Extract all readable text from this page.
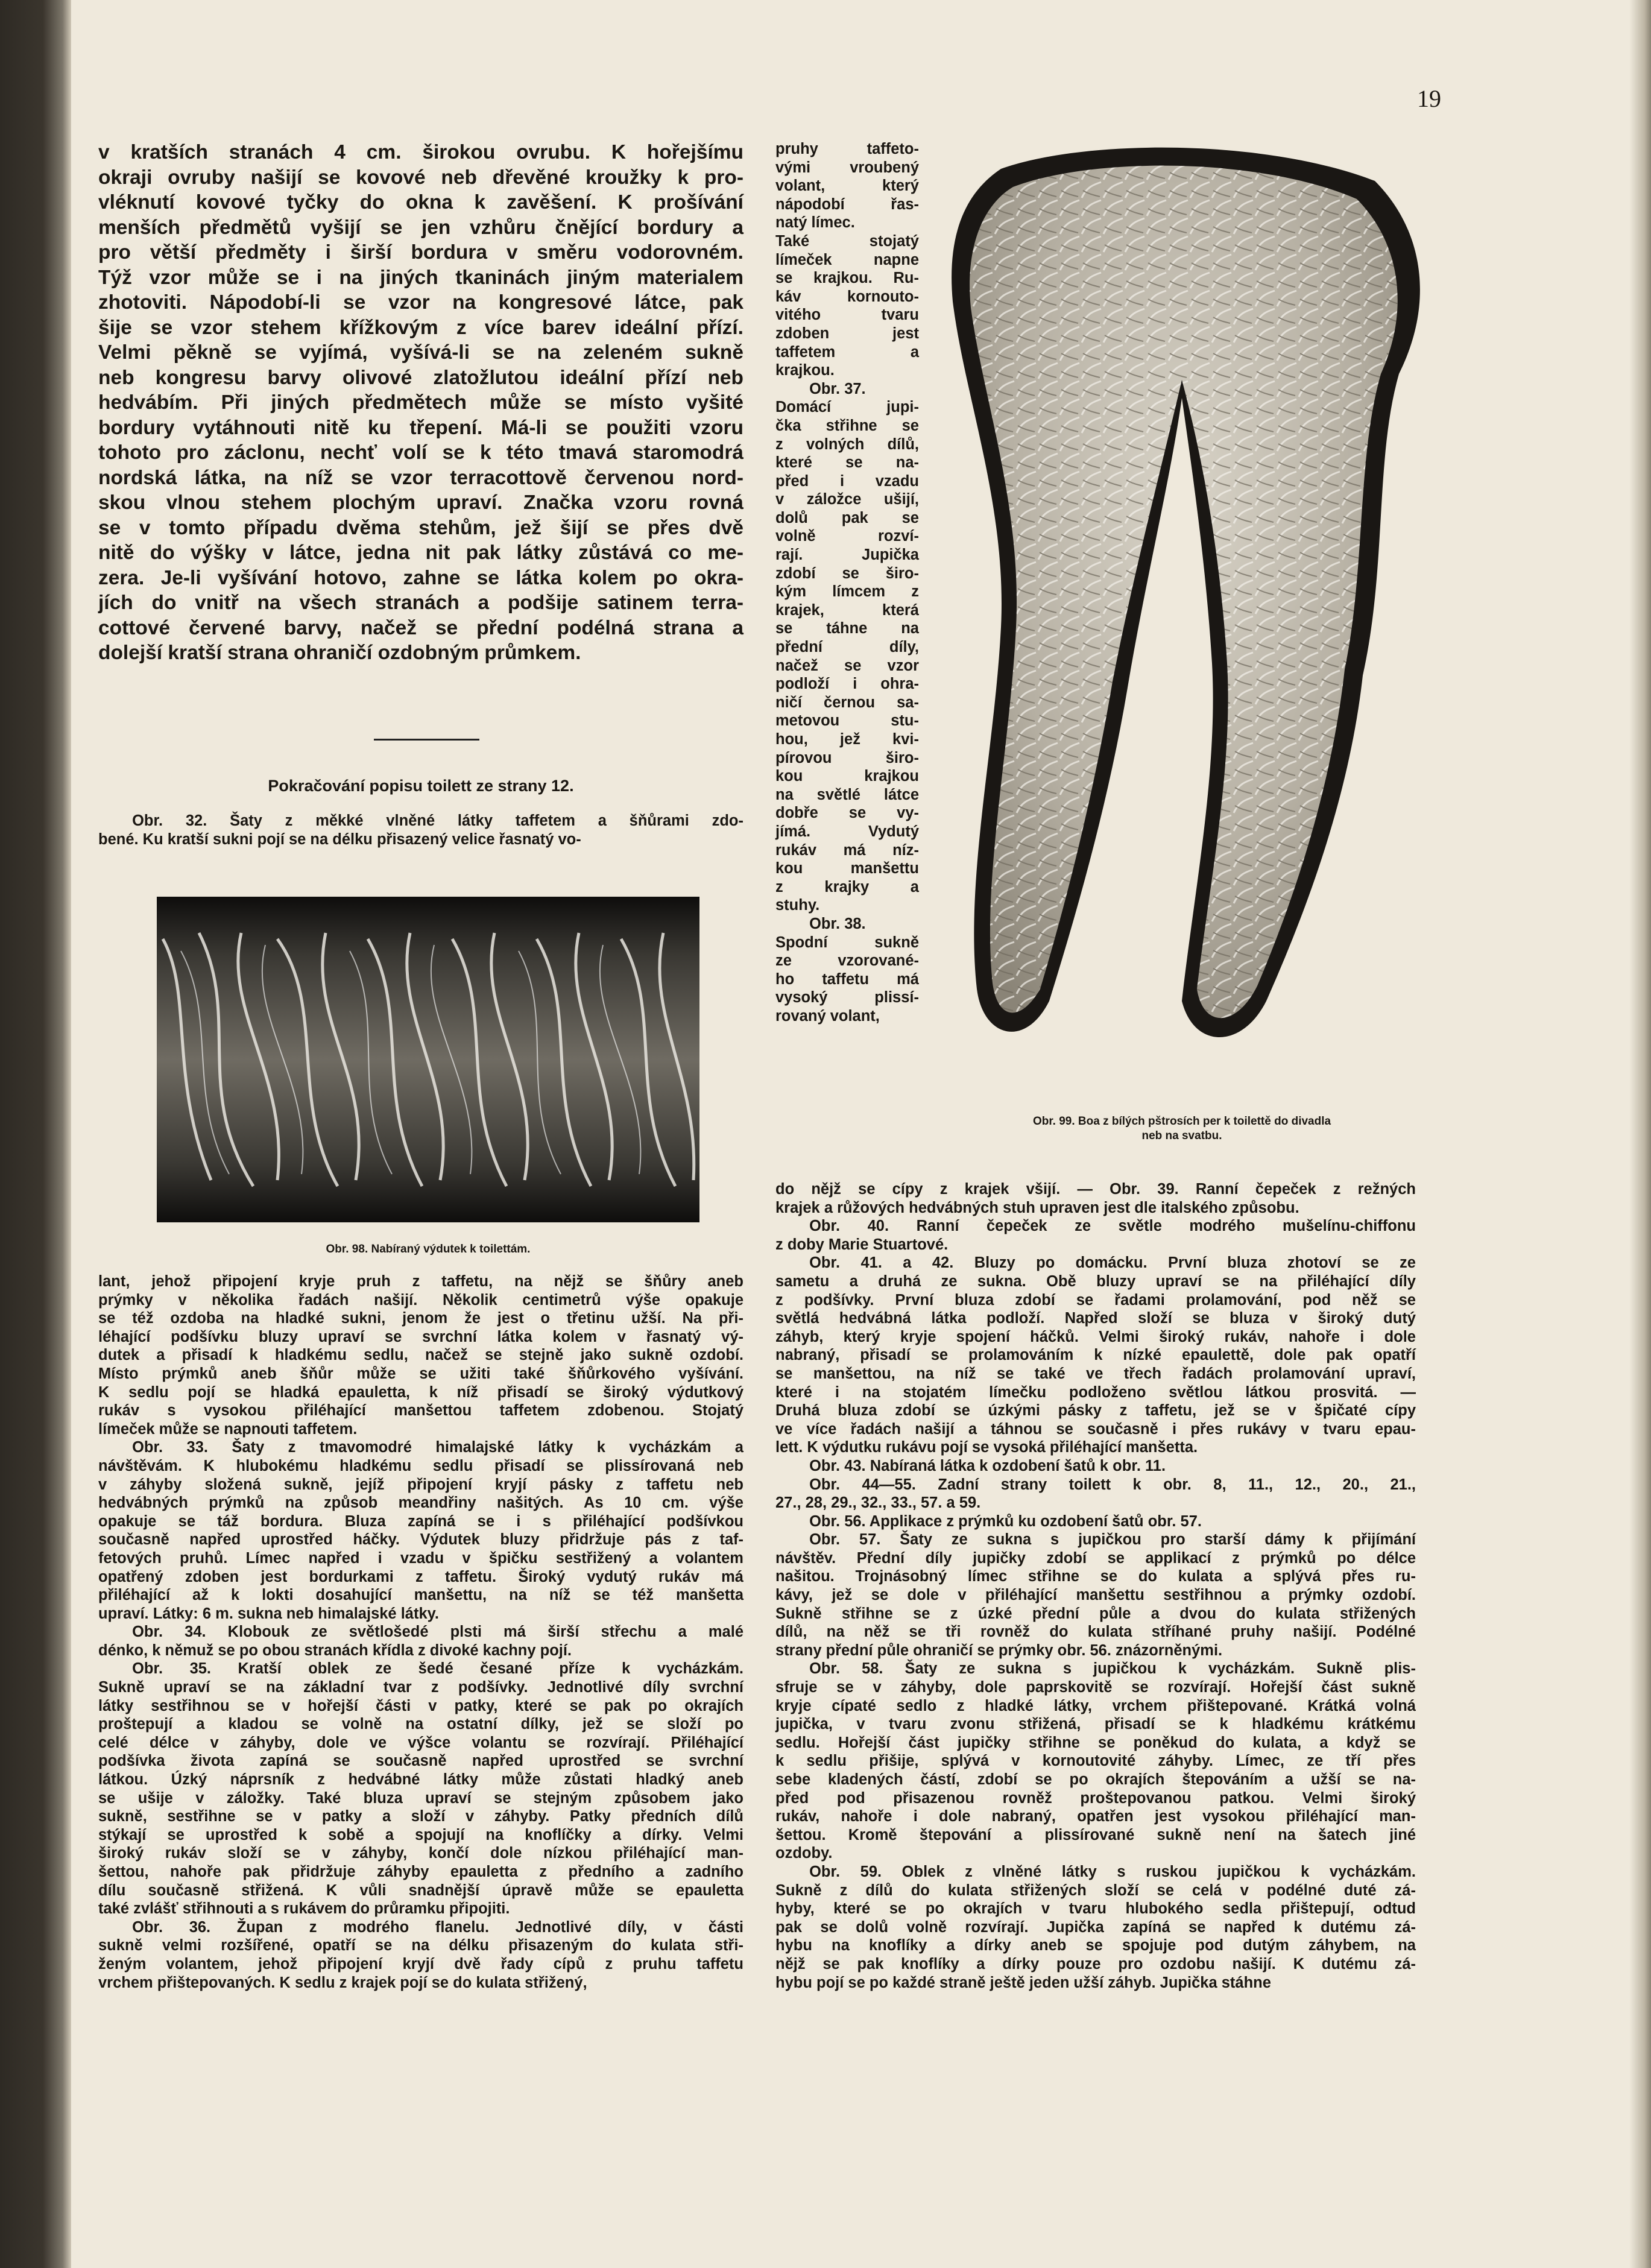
19
v kratších stranách 4 cm. širokou ovrubu. K hořejšímu
okraji ovruby našijí se kovové neb dřevěné kroužky k pro-
vléknutí kovové tyčky do okna k zavěšení. K prošívání
menších předmětů vyšijí se jen vzhůru čnějící bordury a
pro větší předměty i širší bordura v směru vodorovném.
Týž vzor může se i na jiných tkaninách jiným materialem
zhotoviti. Nápodobí-li se vzor na kongresové látce, pak
šije se vzor stehem křížkovým z více barev ideální přízí.
Velmi pěkně se vyjímá, vyšívá-li se na zeleném sukně
neb kongresu barvy olivové zlatožlutou ideální přízí neb
hedvábím. Při jiných předmětech může se místo vyšité
bordury vytáhnouti nitě ku třepení. Má-li se použiti vzoru
tohoto pro záclonu, nechť volí se k této tmavá staromodrá
nordská látka, na níž se vzor terracottově červenou nord-
skou vlnou stehem plochým upraví. Značka vzoru rovná
se v tomto případu dvěma stehům, jež šijí se přes dvě
nitě do výšky v látce, jedna nit pak látky zůstává co me-
zera. Je-li vyšívání hotovo, zahne se látka kolem po okra-
jích do vnitř na všech stranách a podšije satinem terra-
cottové červené barvy, načež se přední podélná strana a
dolejší kratší strana ohraničí ozdobným průmkem.
Pokračování popisu toilett ze strany 12.
Obr. 32. Šaty z měkké vlněné látky taffetem a šňůrami zdo-
bené. Ku kratší sukni pojí se na délku přisazený velice řasnatý vo-
Obr. 98. Nabíraný výdutek k toilettám.
lant, jehož připojení kryje pruh z taffetu, na nějž se šňůry aneb
prýmky v několika řadách našijí. Několik centimetrů výše opakuje
se též ozdoba na hladké sukni, jenom že jest o třetinu užší. Na při-
léhající podšívku bluzy upraví se svrchní látka kolem v řasnatý vý-
dutek a přisadí k hladkému sedlu, načež se stejně jako sukně ozdobí.
Místo prýmků aneb šňůr může se užiti také šňůrkového vyšívání.
K sedlu pojí se hladká epauletta, k níž přisadí se široký výdutkový
rukáv s vysokou přiléhající manšettou taffetem zdobenou. Stojatý
límeček může se napnouti taffetem.
Obr. 33. Šaty z tmavomodré himalajské látky k vycházkám a
návštěvám. K hlubokému hladkému sedlu přisadí se plissírovaná neb
v záhyby složená sukně, jejíž připojení kryjí pásky z taffetu neb
hedvábných prýmků na způsob meandřiny našitých. As 10 cm. výše
opakuje se táž bordura. Bluza zapíná se i s přiléhající podšívkou
současně napřed uprostřed háčky. Výdutek bluzy přidržuje pás z taf-
fetových pruhů. Límec napřed i vzadu v špičku sestřižený a volantem
opatřený zdoben jest bordurkami z taffetu. Široký vydutý rukáv má
přiléhající až k lokti dosahující manšettu, na níž se též manšetta
upraví. Látky: 6 m. sukna neb himalajské látky.
Obr. 34. Klobouk ze světlošedé plsti má širší střechu a malé
dénko, k němuž se po obou stranách křídla z divoké kachny pojí.
Obr. 35. Kratší oblek ze šedé česané příze k vycházkám.
Sukně upraví se na základní tvar z podšívky. Jednotlivé díly svrchní
látky sestřihnou se v hořejší části v patky, které se pak po okrajích
proštepují a kladou se volně na ostatní dílky, jež se složí po
celé délce v záhyby, dole ve výšce volantu se rozvírají. Přiléhající
podšívka života zapíná se současně napřed uprostřed se svrchní
látkou. Úzký náprsník z hedvábné látky může zůstati hladký aneb
se ušije v záložky. Také bluza upraví se stejným způsobem jako
sukně, sestřihne se v patky a složí v záhyby. Patky předních dílů
stýkají se uprostřed k sobě a spojují na knoflíčky a dírky. Velmi
široký rukáv složí se v záhyby, končí dole nízkou přiléhající man-
šettou, nahoře pak přidržuje záhyby epauletta z předního a zadního
dílu současně střižená. K vůli snadnější úpravě může se epauletta
také zvlášť střihnouti a s rukávem do průramku připojiti.
Obr. 36. Župan z modrého flanelu. Jednotlivé díly, v části
sukně velmi rozšířené, opatří se na délku přisazeným do kulata stři-
ženým volantem, jehož připojení kryjí dvě řady cípů z pruhu taffetu
vrchem přištepovaných. K sedlu z krajek pojí se do kulata střižený,
pruhy taffeto-
vými vroubený
volant, který
nápodobí řas-
natý límec.
Také stojatý
límeček napne
se krajkou. Ru-
káv kornouto-
vitého tvaru
zdoben jest
taffetem a
krajkou.
Obr. 37.
Domácí jupi-
čka střihne se
z volných dílů,
které se na-
před i vzadu
v záložce ušijí,
dolů pak se
volně rozví-
rají. Jupička
zdobí se širo-
kým límcem z
krajek, která
se táhne na
přední díly,
načež se vzor
podloží i ohra-
ničí černou sa-
metovou stu-
hou, jež kvi-
pírovou širo-
kou krajkou
na světlé látce
dobře se vy-
jímá. Vydutý
rukáv má níz-
kou manšettu
z krajky a
stuhy.
Obr. 38.
Spodní sukně
ze vzorované-
ho taffetu má
vysoký plissí-
rovaný volant,
Obr. 99. Boa z bílých pštrosích per k toilettě do divadla
neb na svatbu.
do nějž se cípy z krajek všijí. — Obr. 39. Ranní čepeček z režných
krajek a růžových hedvábných stuh upraven jest dle italského způsobu.
Obr. 40. Ranní čepeček ze světle modrého mušelínu-chiffonu
z doby Marie Stuartové.
Obr. 41. a 42. Bluzy po domácku. První bluza zhotoví se ze
sametu a druhá ze sukna. Obě bluzy upraví se na přiléhající díly
z podšívky. První bluza zdobí se řadami prolamování, pod něž se
světlá hedvábná látka podloží. Napřed složí se bluza v široký dutý
záhyb, který kryje spojení háčků. Velmi široký rukáv, nahoře i dole
nabraný, přisadí se prolamováním k nízké epaulettě, dole pak opatří
se manšettou, na níž se také ve třech řadách prolamování upraví,
které i na stojatém límečku podloženo světlou látkou prosvitá. —
Druhá bluza zdobí se úzkými pásky z taffetu, jež se v špičaté cípy
ve více řadách našijí a táhnou se současně i přes rukávy v tvaru epau-
lett. K výdutku rukávu pojí se vysoká přiléhající manšetta.
Obr. 43. Nabíraná látka k ozdobení šatů k obr. 11.
Obr. 44—55. Zadní strany toilett k obr. 8, 11., 12., 20., 21.,
27., 28, 29., 32., 33., 57. a 59.
Obr. 56. Applikace z prýmků ku ozdobení šatů obr. 57.
Obr. 57. Šaty ze sukna s jupičkou pro starší dámy k přijímání
návštěv. Přední díly jupičky zdobí se applikací z prýmků po délce
našitou. Trojnásobný límec střihne se do kulata a splývá přes ru-
kávy, jež se dole v přiléhající manšettu sestřihnou a prýmky ozdobí.
Sukně střihne se z úzké přední půle a dvou do kulata střižených
dílů, na něž se tři rovněž do kulata stříhané pruhy našijí. Podélné
strany přední půle ohraničí se prýmky obr. 56. znázorněnými.
Obr. 58. Šaty ze sukna s jupičkou k vycházkám. Sukně plis-
sfruje se v záhyby, dole paprskovitě se rozvírají. Hořejší část sukně
kryje cípaté sedlo z hladké látky, vrchem přištepované. Krátká volná
jupička, v tvaru zvonu střižená, přisadí se k hladkému krátkému
sedlu. Hořejší část jupičky střihne se poněkud do kulata, a když se
k sedlu přišije, splývá v kornoutovité záhyby. Límec, ze tří přes
sebe kladených částí, zdobí se po okrajích štepováním a užší se na-
před pod přisazenou rovněž proštepovanou patkou. Velmi široký
rukáv, nahoře i dole nabraný, opatřen jest vysokou přiléhající man-
šettou. Kromě štepování a plissírované sukně není na šatech jiné
ozdoby.
Obr. 59. Oblek z vlněné látky s ruskou jupičkou k vycházkám.
Sukně z dílů do kulata střižených složí se celá v podélné duté zá-
hyby, které se po okrajích v tvaru hlubokého sedla přištepují, odtud
pak se dolů volně rozvírají. Jupička zapíná se napřed k dutému zá-
hybu na knoflíky a dírky aneb se spojuje pod dutým záhybem, na
nějž se pak knoflíky a dírky pouze pro ozdobu našijí. K dutému zá-
hybu pojí se po každé straně ještě jeden užší záhyb. Jupička stáhne
